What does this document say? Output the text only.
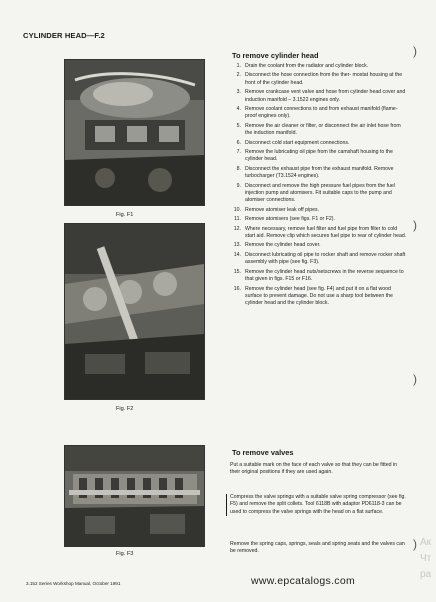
CYLINDER HEAD—F.2
Fig. F1
Fig. F2
Fig. F3
To remove cylinder head
1. Drain the coolant from the radiator and cylinder block.
2. Disconnect the hose connection from the ther- mostat housing at the front of the cylinder head.
3. Remove crankcase vent valve and hose from cylinder head cover and induction manifold – 3.1522 engines only.
4. Remove coolant connections to and from exhaust manifold (flame-proof engines only).
5. Remove the air cleaner or filter, or disconnect the air inlet hose from the induction manifold.
6. Disconnect cold start equipment connections.
7. Remove the lubricating oil pipe from the camshaft housing to the cylinder head.
8. Disconnect the exhaust pipe from the exhaust manifold. Remove turbocharger (T3.1524 engines).
9. Disconnect and remove the high pressure fuel pipes from the fuel injection pump and atomisers. Fit suitable caps to the pump and atomiser connections.
10. Remove atomiser leak off pipes.
11. Remove atomisers (see figs. F1 or F2).
12. Where necessary, remove fuel filter and fuel pipe from filter to cold start aid. Remove clip which secures fuel pipe to rear of cylinder head.
13. Remove the cylinder head cover.
14. Disconnect lubricating oil pipe to rocker shaft and remove rocker shaft assembly with pipe (see fig. F3).
15. Remove the cylinder head nuts/setscrews in the reverse sequence to that given in figs. F15 or F16.
16. Remove the cylinder head (see fig. F4) and put it on a flat wood surface to prevent damage. Do not use a sharp tool between the cylinder head and the cylinder block.
To remove valves
Put a suitable mark on the face of each valve so that they can be fitted in their original positions if they are used again.
Compress the valve springs with a suitable valve spring compressor (see fig. F5) and remove the split collets. Tool 6118B with adaptor PD6118-3 can be used to compress the valve springs with the head on a flat surface.
Remove the spring caps, springs, seals and spring seats and the valves can be removed.
)
)
)
) Ак
Чт
ра
3.152 Series Workshop Manual, October 1991	www.epcatalogs.com
